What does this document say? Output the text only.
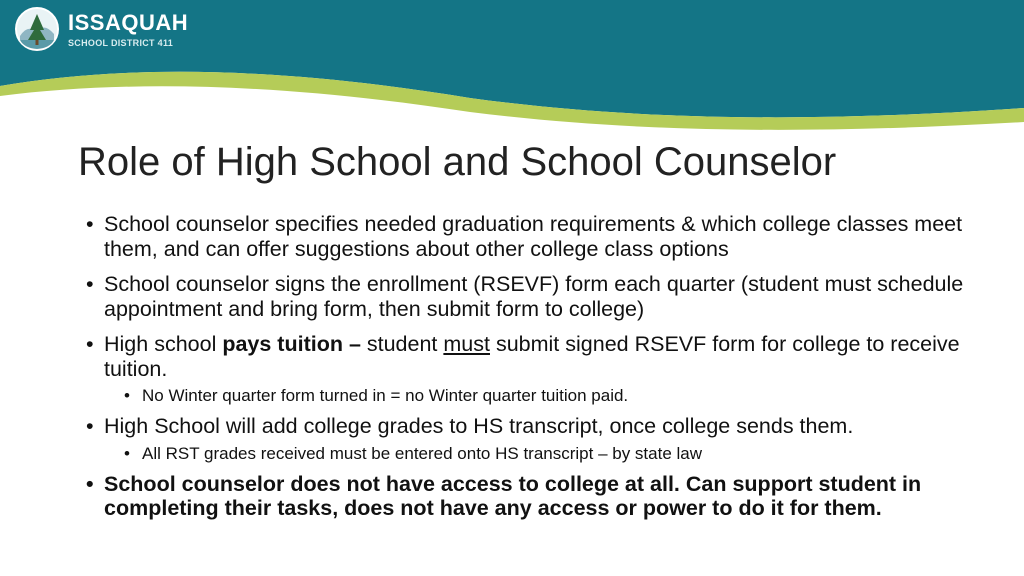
ISSAQUAH
SCHOOL DISTRICT 411
Role of High School and School Counselor
• School counselor specifies needed graduation requirements & which college classes meet them, and can offer suggestions about other college class options
• School counselor signs the enrollment (RSEVF) form each quarter (student must schedule appointment and bring form, then submit form to college)
• High school pays tuition – student must submit signed RSEVF form for college to receive tuition.
• No Winter quarter form turned in = no Winter quarter tuition paid.
• High School will add college grades to HS transcript, once college sends them.
• All RST grades received must be entered onto HS transcript – by state law
• School counselor does not have access to college at all. Can support student in completing their tasks, does not have any access or power to do it for them.
